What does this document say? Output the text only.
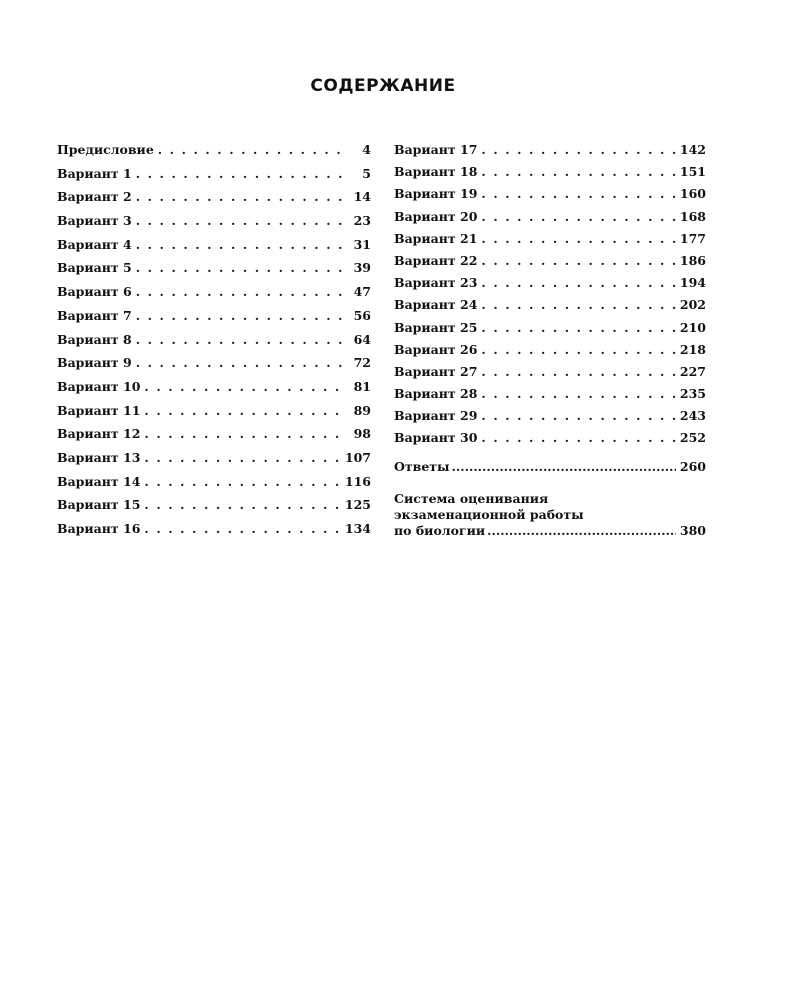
СОДЕРЖАНИЕ
Предисловие . . .	4
Вариант 1 . . .	5
Вариант 2 . . .	14
Вариант 3 . . .	23
Вариант 4 . . .	31
Вариант 5 . . .	39
Вариант 6 . . .	47
Вариант 7 . . .	56
Вариант 8 . . .	64
Вариант 9 . . .	72
Вариант 10 . . .	81
Вариант 11 . . .	89
Вариант 12 . . .	98
Вариант 13 . . .	107
Вариант 14 . . .	116
Вариант 15 . . .	125
Вариант 16 . . .	134
Вариант 17 . . .	142
Вариант 18 . . .	151
Вариант 19 . . .	160
Вариант 20 . . .	168
Вариант 21 . . .	177
Вариант 22 . . .	186
Вариант 23 . . .	194
Вариант 24 . . .	202
Вариант 25 . . .	210
Вариант 26 . . .	218
Вариант 27 . . .	227
Вариант 28 . . .	235
Вариант 29 . . .	243
Вариант 30 . . .	252
Ответы .....	260
Система оценивания
экзаменационной работы
по биологии .....	380
